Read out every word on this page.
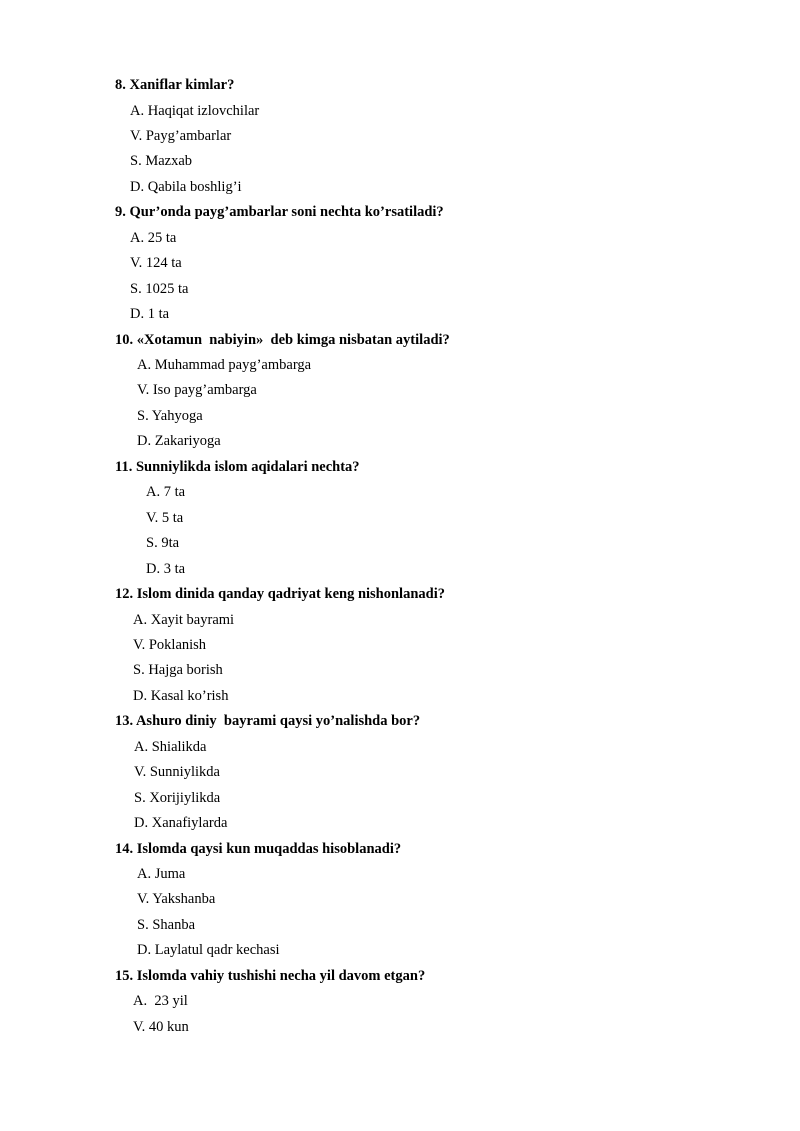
8. Xaniflar kimlar?
A. Haqiqat izlovchilar
V. Payg’ambarlar
S. Mazxab
D. Qabila boshlig’i
9. Qur’onda payg’ambarlar soni nechta ko’rsatiladi?
A. 25 ta
V. 124 ta
S. 1025 ta
D. 1 ta
10. «Xotamun  nabiyin»  deb kimga nisbatan aytiladi?
A. Muhammad payg’ambarga
V. Iso payg’ambarga
S. Yahyoga
D. Zakariyoga
11. Sunniylikda islom aqidalari nechta?
A. 7 ta
V. 5 ta
S. 9ta
D. 3 ta
12. Islom dinida qanday qadriyat keng nishonlanadi?
A. Xayit bayrami
V. Poklanish
S. Hajga borish
D. Kasal ko’rish
13. Ashuro diniy  bayrami qaysi yo’nalishda bor?
A. Shialikda
V. Sunniylikda
S. Xorijiylikda
D. Xanafiylarda
14. Islomda qaysi kun muqaddas hisoblanadi?
A. Juma
V. Yakshanba
S. Shanba
D. Laylatul qadr kechasi
15. Islomda vahiy tushishi necha yil davom etgan?
A.  23 yil
V. 40 kun
